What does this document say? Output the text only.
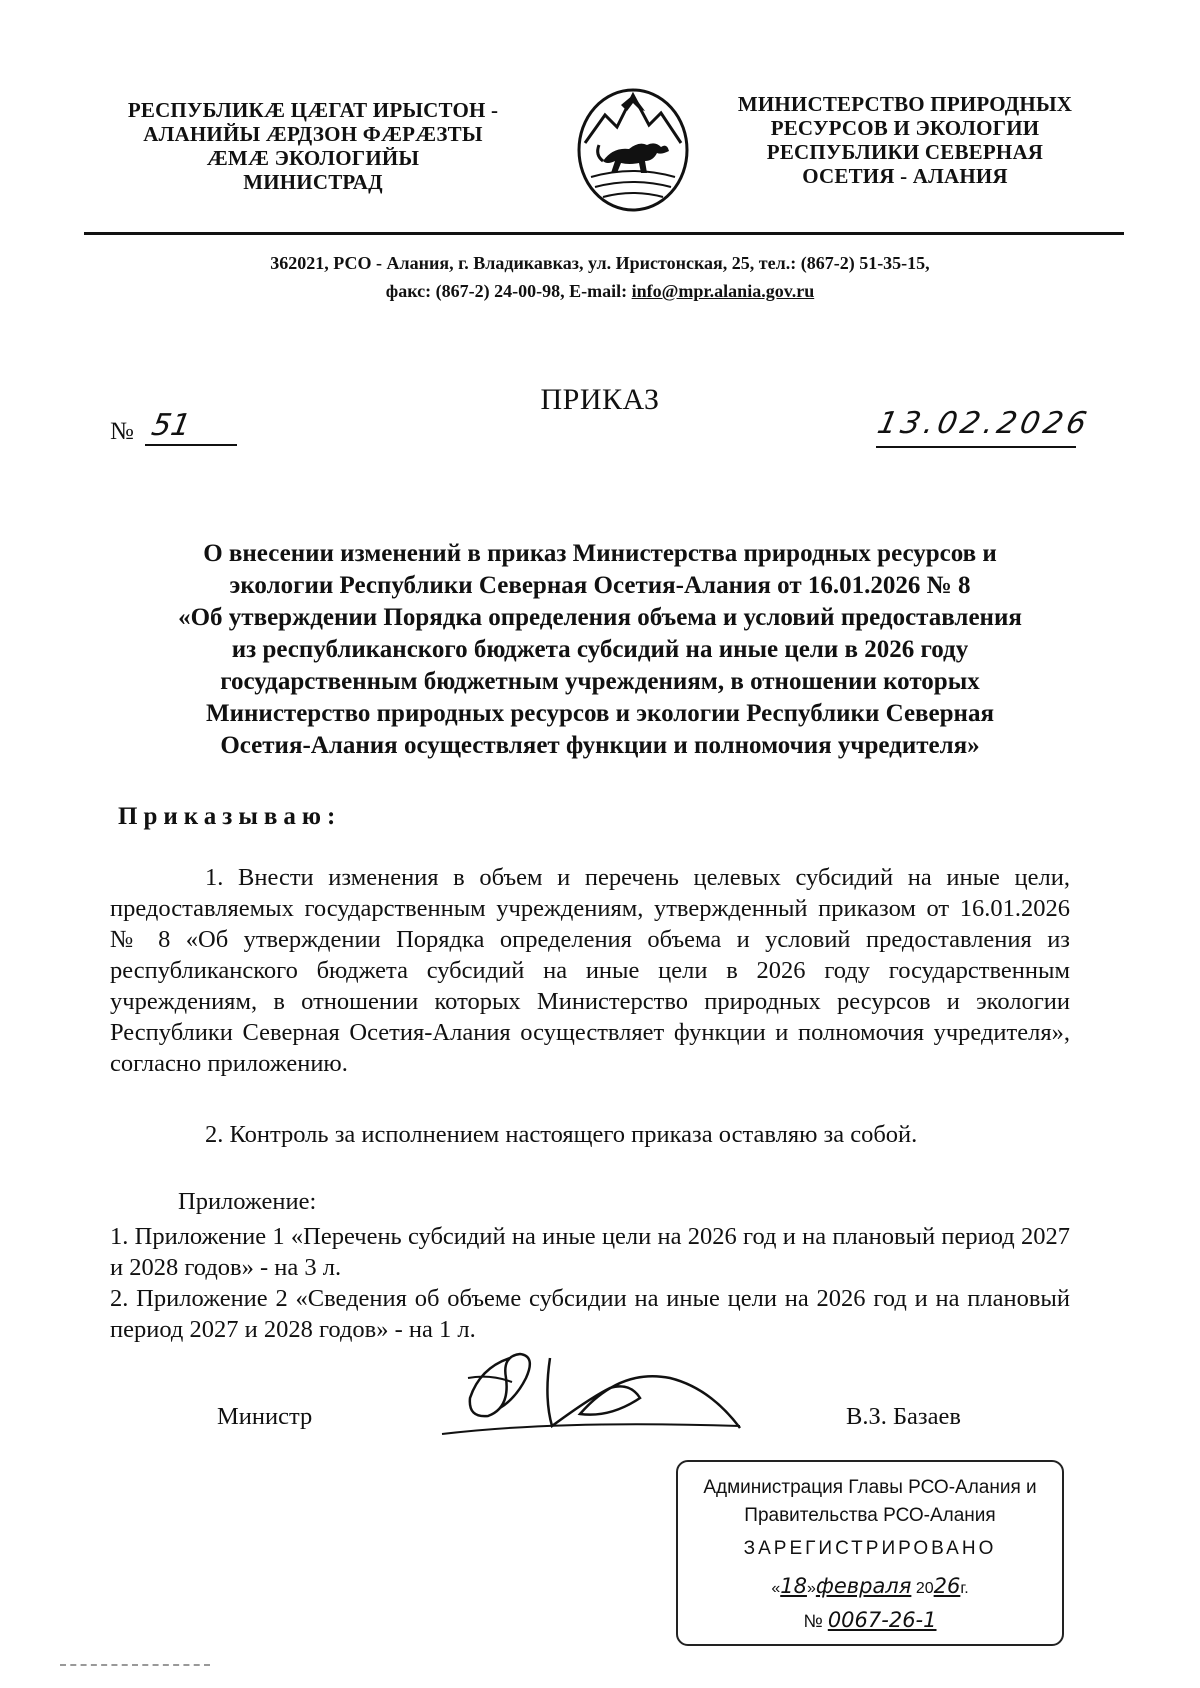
РЕСПУБЛИКÆ ЦÆГАТ ИРЫСТОН -
АЛАНИЙЫ ÆРДЗОН ФÆРÆЗТЫ
ÆМÆ ЭКОЛОГИЙЫ
МИНИСТРАД
МИНИСТЕРСТВО ПРИРОДНЫХ
РЕСУРСОВ И ЭКОЛОГИИ
РЕСПУБЛИКИ СЕВЕРНАЯ
ОСЕТИЯ - АЛАНИЯ
362021, РСО - Алания, г. Владикавказ, ул. Иристонская, 25, тел.: (867-2) 51-35-15,
факс: (867-2) 24-00-98, E-mail: info@mpr.alania.gov.ru
ПРИКАЗ
№ 51	13.02.2026
О внесении изменений в приказ Министерства природных ресурсов и
экологии Республики Северная Осетия-Алания от 16.01.2026 № 8
«Об утверждении Порядка определения объема и условий предоставления
из республиканского бюджета субсидий на иные цели в 2026 году
государственным бюджетным учреждениям, в отношении которых
Министерство природных ресурсов и экологии Республики Северная
Осетия-Алания осуществляет функции и полномочия учредителя»
Приказываю:
1. Внести изменения в объем и перечень целевых субсидий на иные цели, предоставляемых государственным учреждениям, утвержденный приказом от 16.01.2026 № 8 «Об утверждении Порядка определения объема и условий предоставления из республиканского бюджета субсидий на иные цели в 2026 году государственным учреждениям, в отношении которых Министерство природных ресурсов и экологии Республики Северная Осетия-Алания осуществляет функции и полномочия учредителя», согласно приложению.
2. Контроль за исполнением настоящего приказа оставляю за собой.
Приложение:
1. Приложение 1 «Перечень субсидий на иные цели на 2026 год и на плановый период 2027 и 2028 годов» - на 3 л.
2. Приложение 2 «Сведения об объеме субсидии на иные цели на 2026 год и на плановый период 2027 и 2028 годов» - на 1 л.
Министр	В.З. Базаев
Администрация Главы РСО-Алания и
Правительства РСО-Алания
ЗАРЕГИСТРИРОВАНО
«18»февраля 2026г.
№ 0067-26-1
